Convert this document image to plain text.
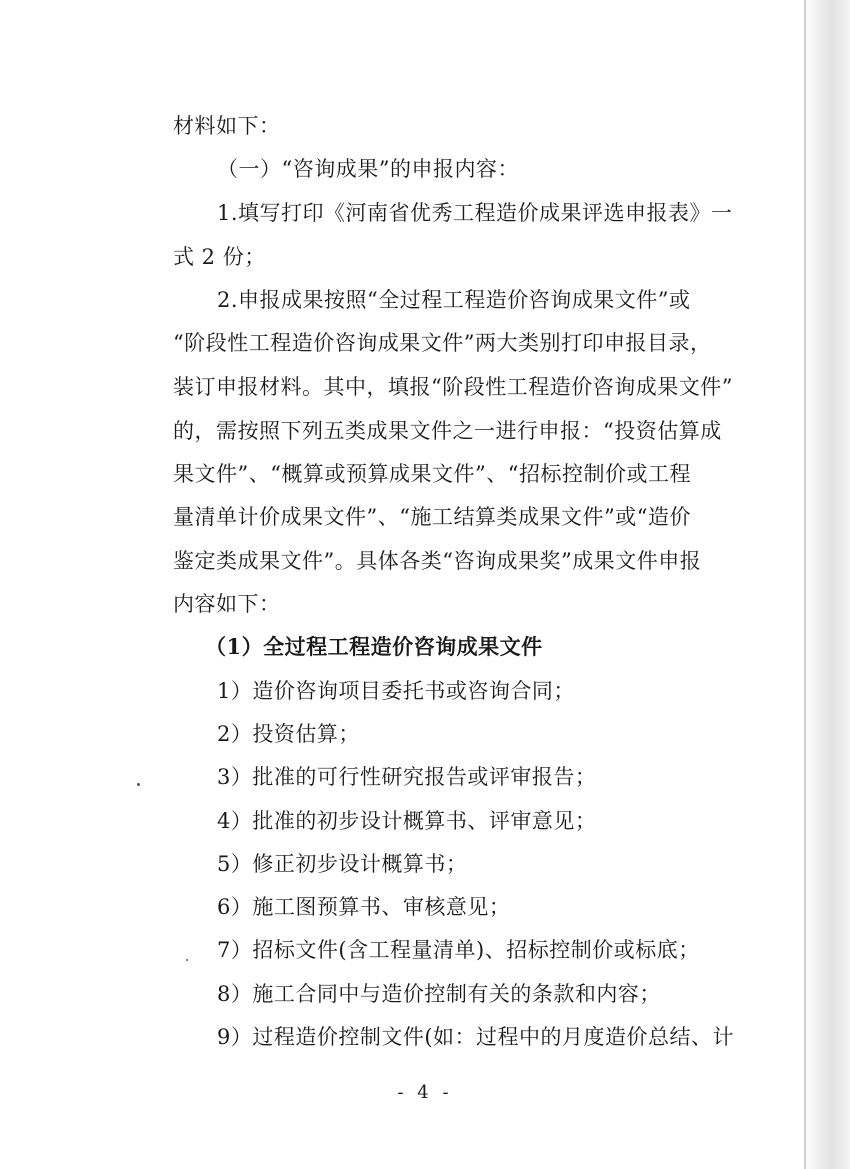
材料如下：
（一）“咨询成果”的申报内容：
1.填写打印《河南省优秀工程造价成果评选申报表》一
式 2 份；
2.申报成果按照“全过程工程造价咨询成果文件”或
“阶段性工程造价咨询成果文件”两大类别打印申报目录，
装订申报材料。其中，填报“阶段性工程造价咨询成果文件”
的，需按照下列五类成果文件之一进行申报：“投资估算成
果文件”、“概算或预算成果文件”、“招标控制价或工程
量清单计价成果文件”、“施工结算类成果文件”或“造价
鉴定类成果文件”。具体各类“咨询成果奖”成果文件申报
内容如下：
（1）全过程工程造价咨询成果文件
1）造价咨询项目委托书或咨询合同；
2）投资估算；
3）批准的可行性研究报告或评审报告；
4）批准的初步设计概算书、评审意见；
5）修正初步设计概算书；
6）施工图预算书、审核意见；
7）招标文件(含工程量清单)、招标控制价或标底；
8）施工合同中与造价控制有关的条款和内容；
9）过程造价控制文件(如：过程中的月度造价总结、计
- 4 -
